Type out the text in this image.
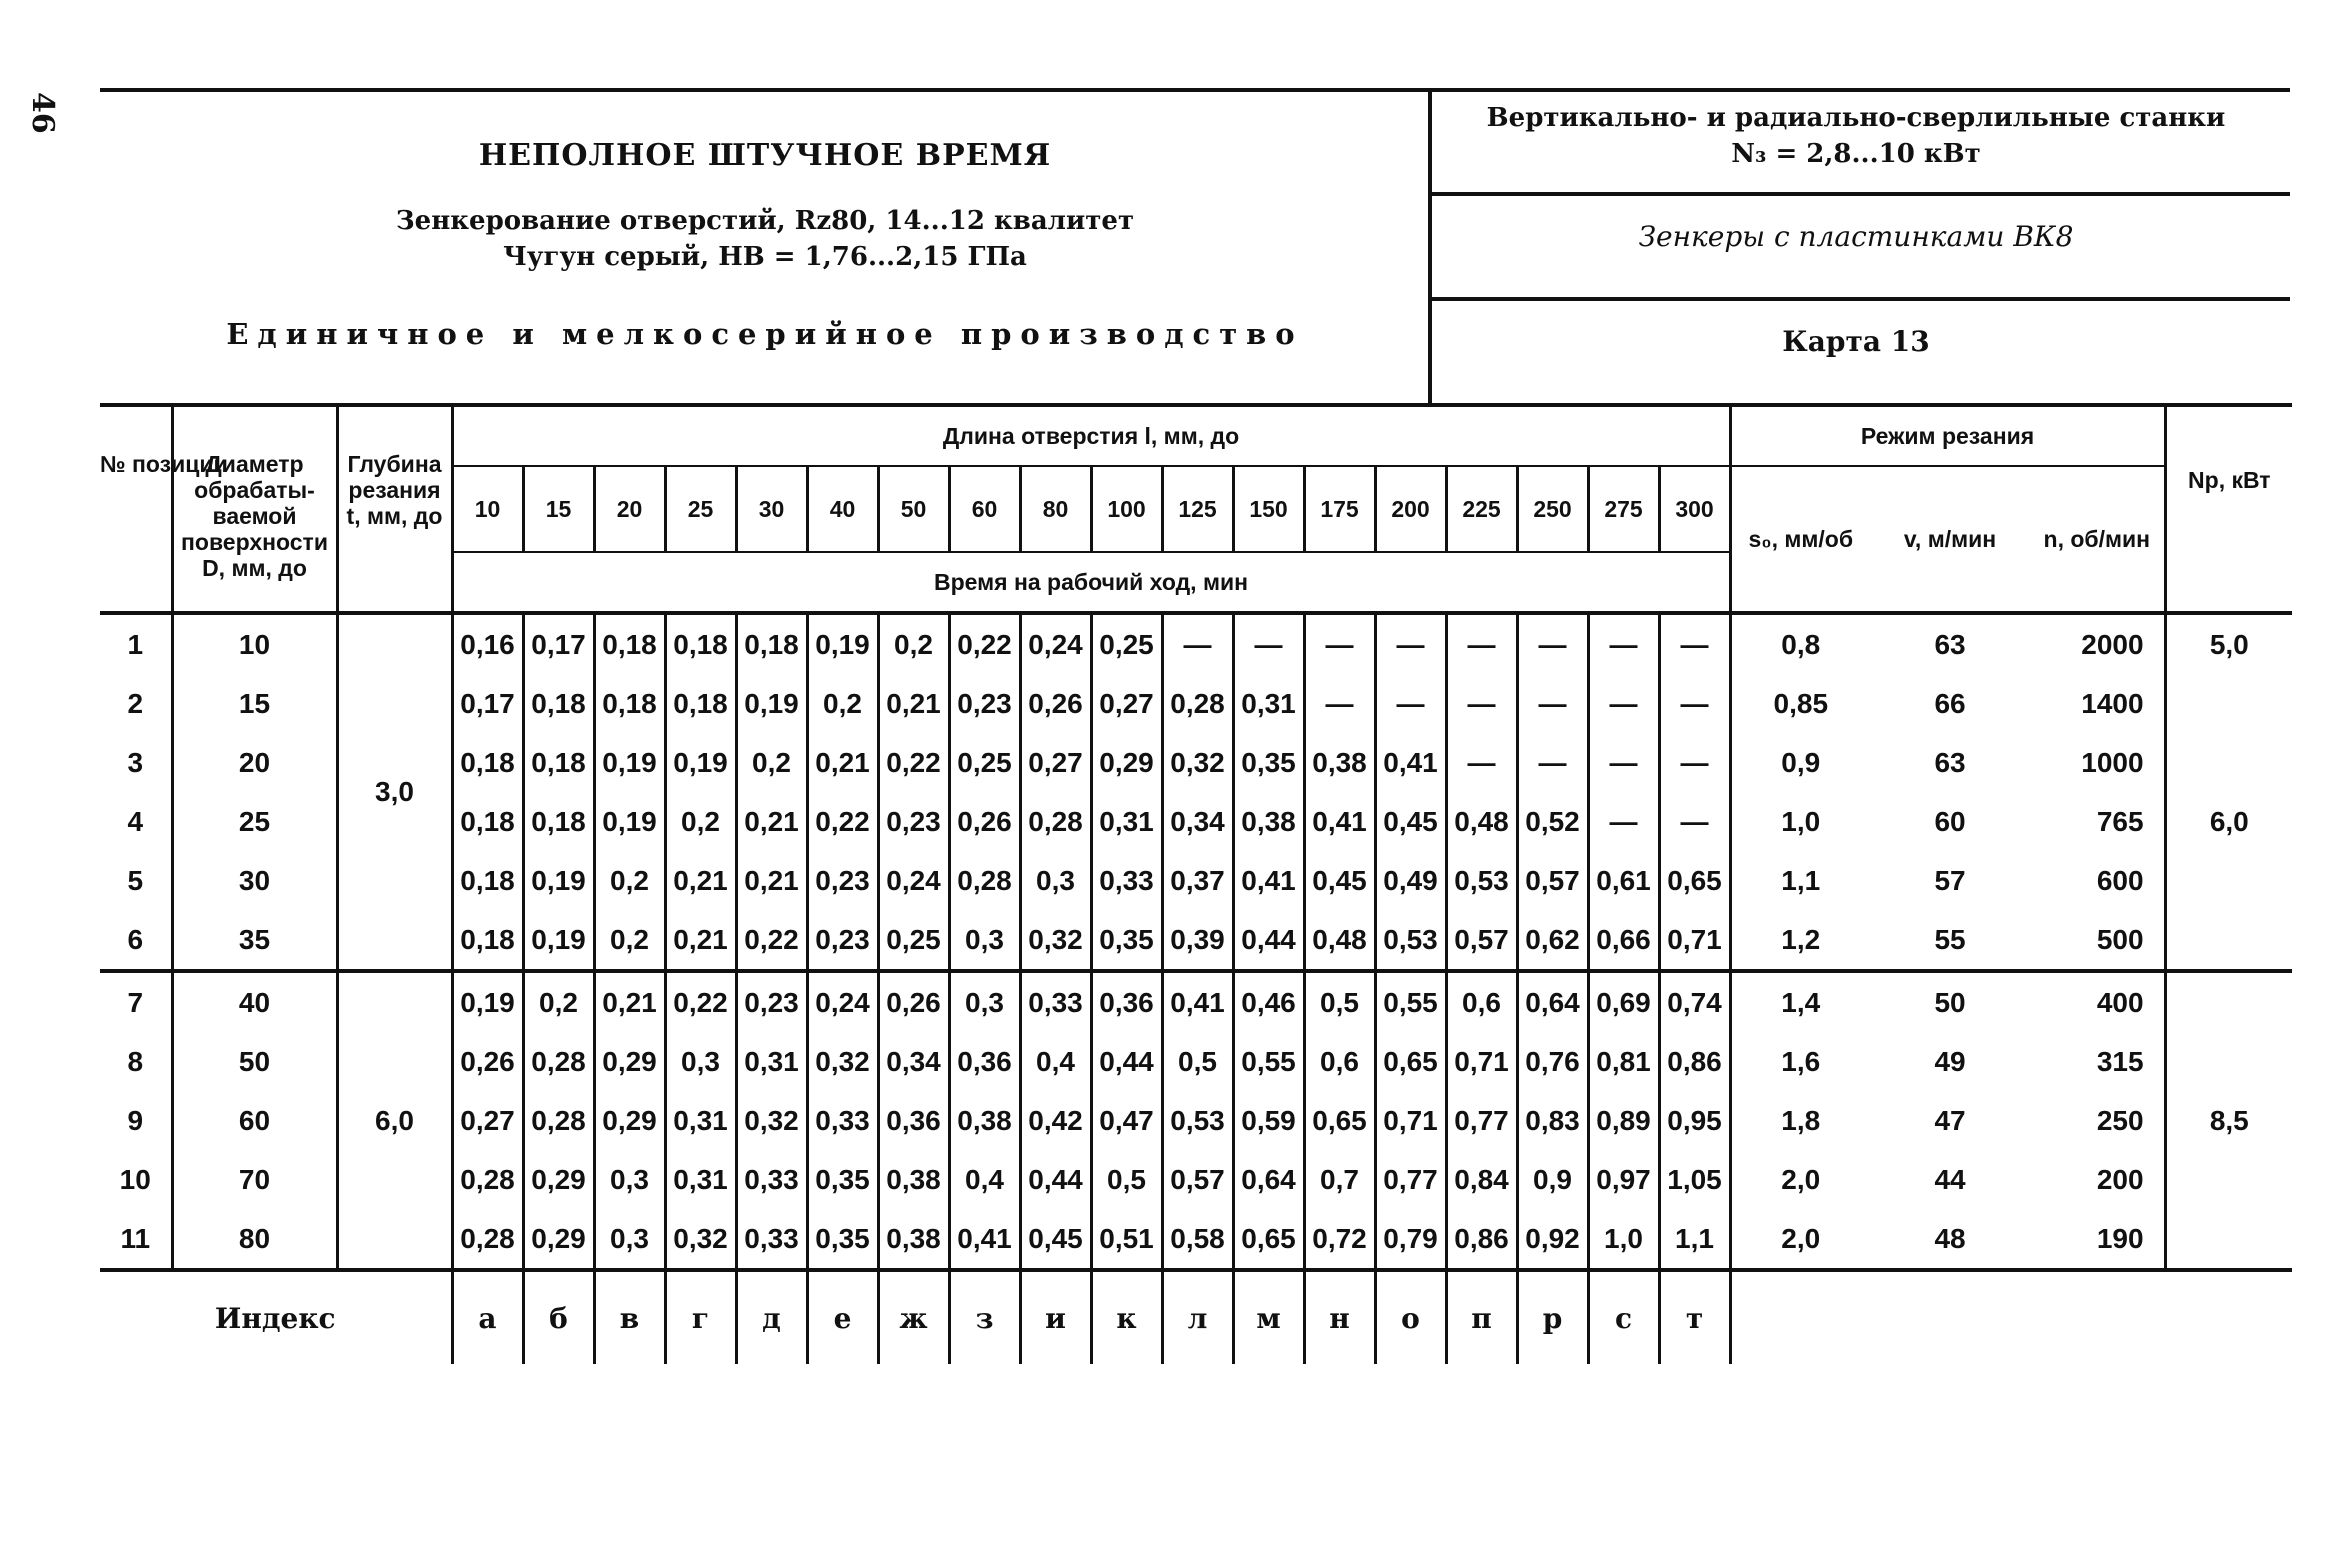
46
НЕПОЛНОЕ ШТУЧНОЕ ВРЕМЯ
Зенкерование отверстий, Rz80, 14...12 квалитет
Чугун серый, НВ = 1,76...2,15 ГПа
Единичное и мелкосерийное производство
Вертикально- и радиально-сверлильные станки
N₃ = 2,8...10 кВт
Зенкеры с пластинками ВК8
Карта 13
№ позиции	Диаметр обрабатываемой поверхности D, мм, до	Глубина резания t, мм, до	Длина отверстия l, мм, до																		Режим резания			Nр, кВт
			10	15	20	25	30	40	50	60	80	100	125	150	175	200	225	250	275	300	s₀, мм/об	v, м/мин	n, об/мин	
			Время на рабочий ход, мин																					
1	10	3,0	0,16	0,17	0,18	0,18	0,18	0,19	0,2	0,22	0,24	0,25	—	—	—	—	—	—	—	—	0,8	63	2000	5,0
2	15		0,17	0,18	0,18	0,18	0,19	0,2	0,21	0,23	0,26	0,27	0,28	0,31	—	—	—	—	—	—	0,85	66	1400	6,0
3	20		0,18	0,18	0,19	0,19	0,2	0,21	0,22	0,25	0,27	0,29	0,32	0,35	0,38	0,41	—	—	—	—	0,9	63	1000	
4	25		0,18	0,18	0,19	0,2	0,21	0,22	0,23	0,26	0,28	0,31	0,34	0,38	0,41	0,45	0,48	0,52	—	—	1,0	60	765	
5	30		0,18	0,19	0,2	0,21	0,21	0,23	0,24	0,28	0,3	0,33	0,37	0,41	0,45	0,49	0,53	0,57	0,61	0,65	1,1	57	600	
6	35		0,18	0,19	0,2	0,21	0,22	0,23	0,25	0,3	0,32	0,35	0,39	0,44	0,48	0,53	0,57	0,62	0,66	0,71	1,2	55	500	
7	40	6,0	0,19	0,2	0,21	0,22	0,23	0,24	0,26	0,3	0,33	0,36	0,41	0,46	0,5	0,55	0,6	0,64	0,69	0,74	1,4	50	400	8,5
8	50		0,26	0,28	0,29	0,3	0,31	0,32	0,34	0,36	0,4	0,44	0,5	0,55	0,6	0,65	0,71	0,76	0,81	0,86	1,6	49	315	
9	60		0,27	0,28	0,29	0,31	0,32	0,33	0,36	0,38	0,42	0,47	0,53	0,59	0,65	0,71	0,77	0,83	0,89	0,95	1,8	47	250	
10	70		0,28	0,29	0,3	0,31	0,33	0,35	0,38	0,4	0,44	0,5	0,57	0,64	0,7	0,77	0,84	0,9	0,97	1,05	2,0	44	200	
11	80		0,28	0,29	0,3	0,32	0,33	0,35	0,38	0,41	0,45	0,51	0,58	0,65	0,72	0,79	0,86	0,92	1,0	1,1	2,0	48	190	
Индекс			а	б	в	г	д	е	ж	з	и	к	л	м	н	о	п	р	с	т				
